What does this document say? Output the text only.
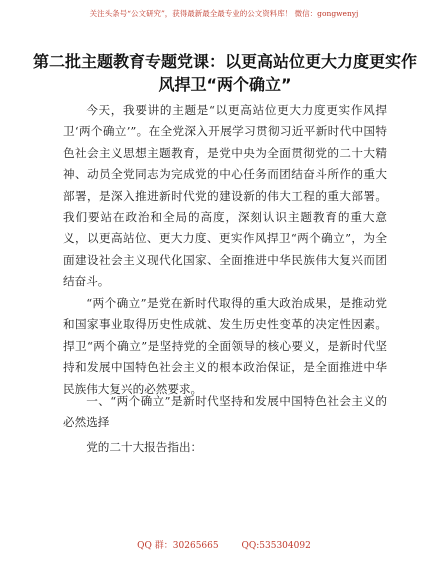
关注头条号“公文研究”，获得最新最全最专业的公文资料库！ 微信：gongwenyj
第二批主题教育专题党课：以更高站位更大力度更实作风捍卫“两个确立”

今天，我要讲的主题是“以更高站位更大力度更实作风捍卫‘两个确立’”。在全党深入开展学习贯彻习近平新时代中国特色社会主义思想主题教育，是党中央为全面贯彻党的二十大精神、动员全党同志为完成党的中心任务而团结奋斗所作的重大部署，是深入推进新时代党的建设新的伟大工程的重大部署。我们要站在政治和全局的高度，深刻认识主题教育的重大意义，以更高站位、更大力度、更实作风捍卫“两个确立”，为全面建设社会主义现代化国家、全面推进中华民族伟大复兴而团结奋斗。

“两个确立”是党在新时代取得的重大政治成果，是推动党和国家事业取得历史性成就、发生历史性变革的决定性因素。捍卫“两个确立”是坚持党的全面领导的核心要义，是新时代坚持和发展中国特色社会主义的根本政治保证，是全面推进中华民族伟大复兴的必然要求。

一、“两个确立”是新时代坚持和发展中国特色社会主义的必然选择

党的二十大报告指出：

QQ 群：30265665	QQ:535304092
